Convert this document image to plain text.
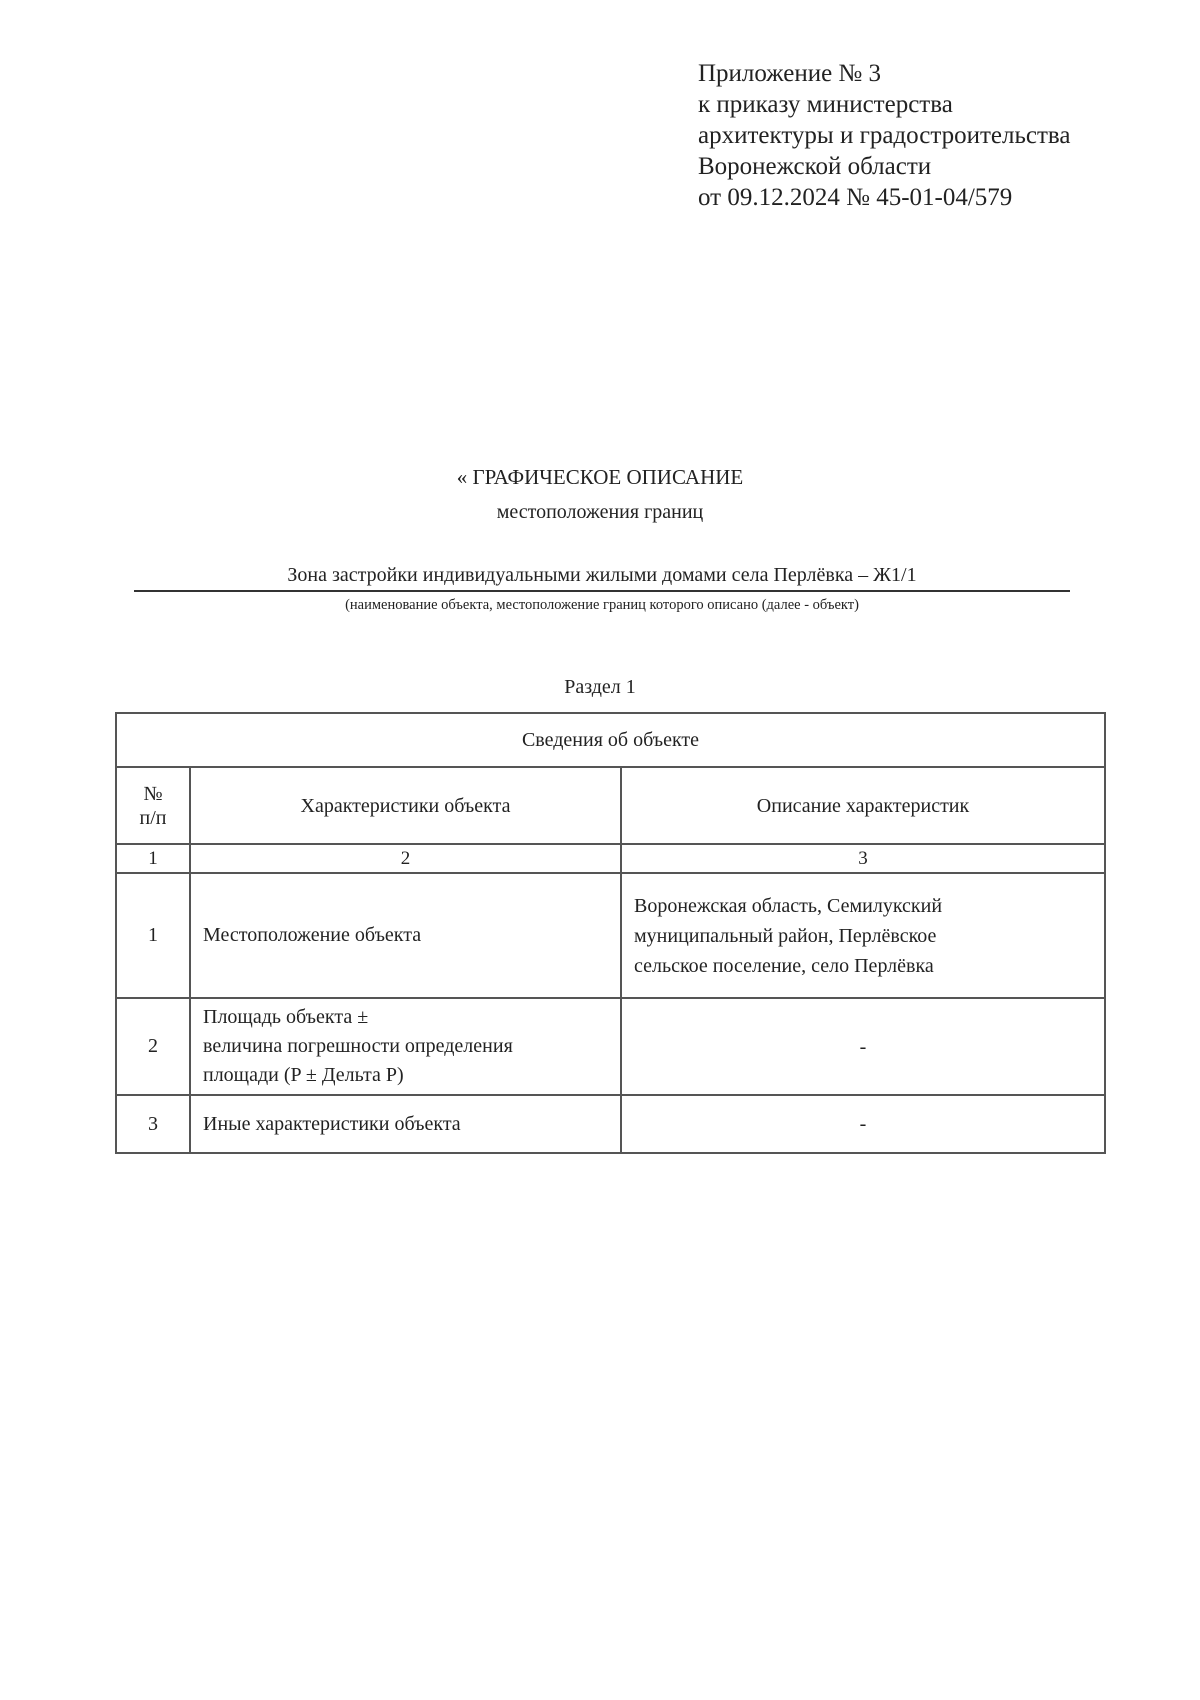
Приложение № 3
к приказу министерства
архитектуры и градостроительства
Воронежской области
от 09.12.2024 № 45-01-04/579
« ГРАФИЧЕСКОЕ ОПИСАНИЕ
местоположения границ
Зона застройки индивидуальными жилыми домами села Перлёвка – Ж1/1
(наименование объекта, местоположение границ которого описано (далее - объект)
Раздел 1
Сведения об объекте		
№
п/п	Характеристики объекта	Описание характеристик
1	2	3
1	Местоположение объекта	Воронежская область, Семилукский
муниципальный район, Перлёвское
сельское поселение, село Перлёвка
2	Площадь объекта ±
величина погрешности определения
площади (P ± Дельта P)	-
3	Иные характеристики объекта	-
